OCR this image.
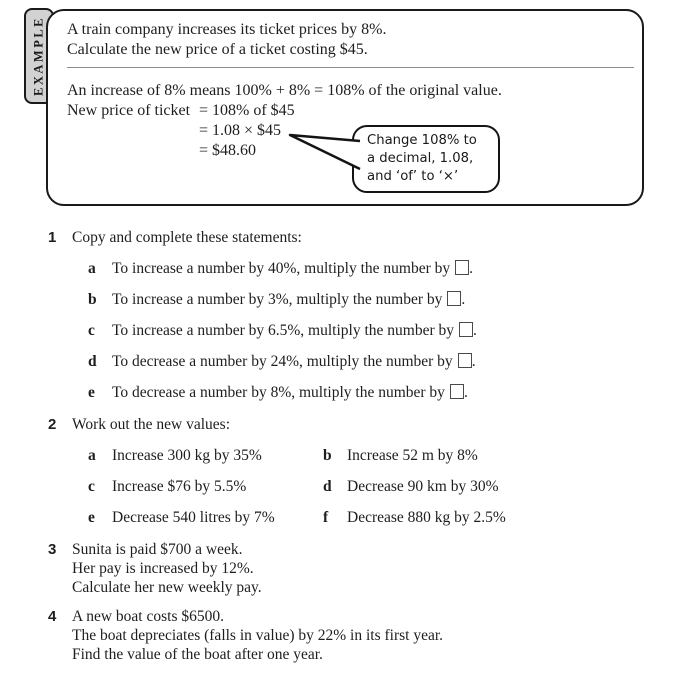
EXAMPLE A train company increases its ticket prices by 8%.
Calculate the new price of a ticket costing $45.
An increase of 8% means 100% + 8% = 108% of the original value.
New price of ticket = 108% of $45
= 1.08 × $45
= $48.60
Change 108% to
a decimal, 1.08,
and ‘of’ to ‘×’
1	Copy and complete these statements:
a	To increase a number by 40%, multiply the number by .
b To increase a number by 3%, multiply the number by .
c	To increase a number by 6.5%, multiply the number by .
d To decrease a number by 24%, multiply the number by .
e	To decrease a number by 8%, multiply the number by .
2	Work out the new values:
a	Increase 300 kg by 35%	b Increase 52 m by 8%
c	Increase $76 by 5.5%	d Decrease 90 km by 30%
e	Decrease 540 litres by 7%	f	Decrease 880 kg by 2.5%
3	Sunita is paid $700 a week.
Her pay is increased by 12%.
Calculate her new weekly pay.
4	A new boat costs $6500.
The boat depreciates (falls in value) by 22% in its first year.
Find the value of the boat after one year.
